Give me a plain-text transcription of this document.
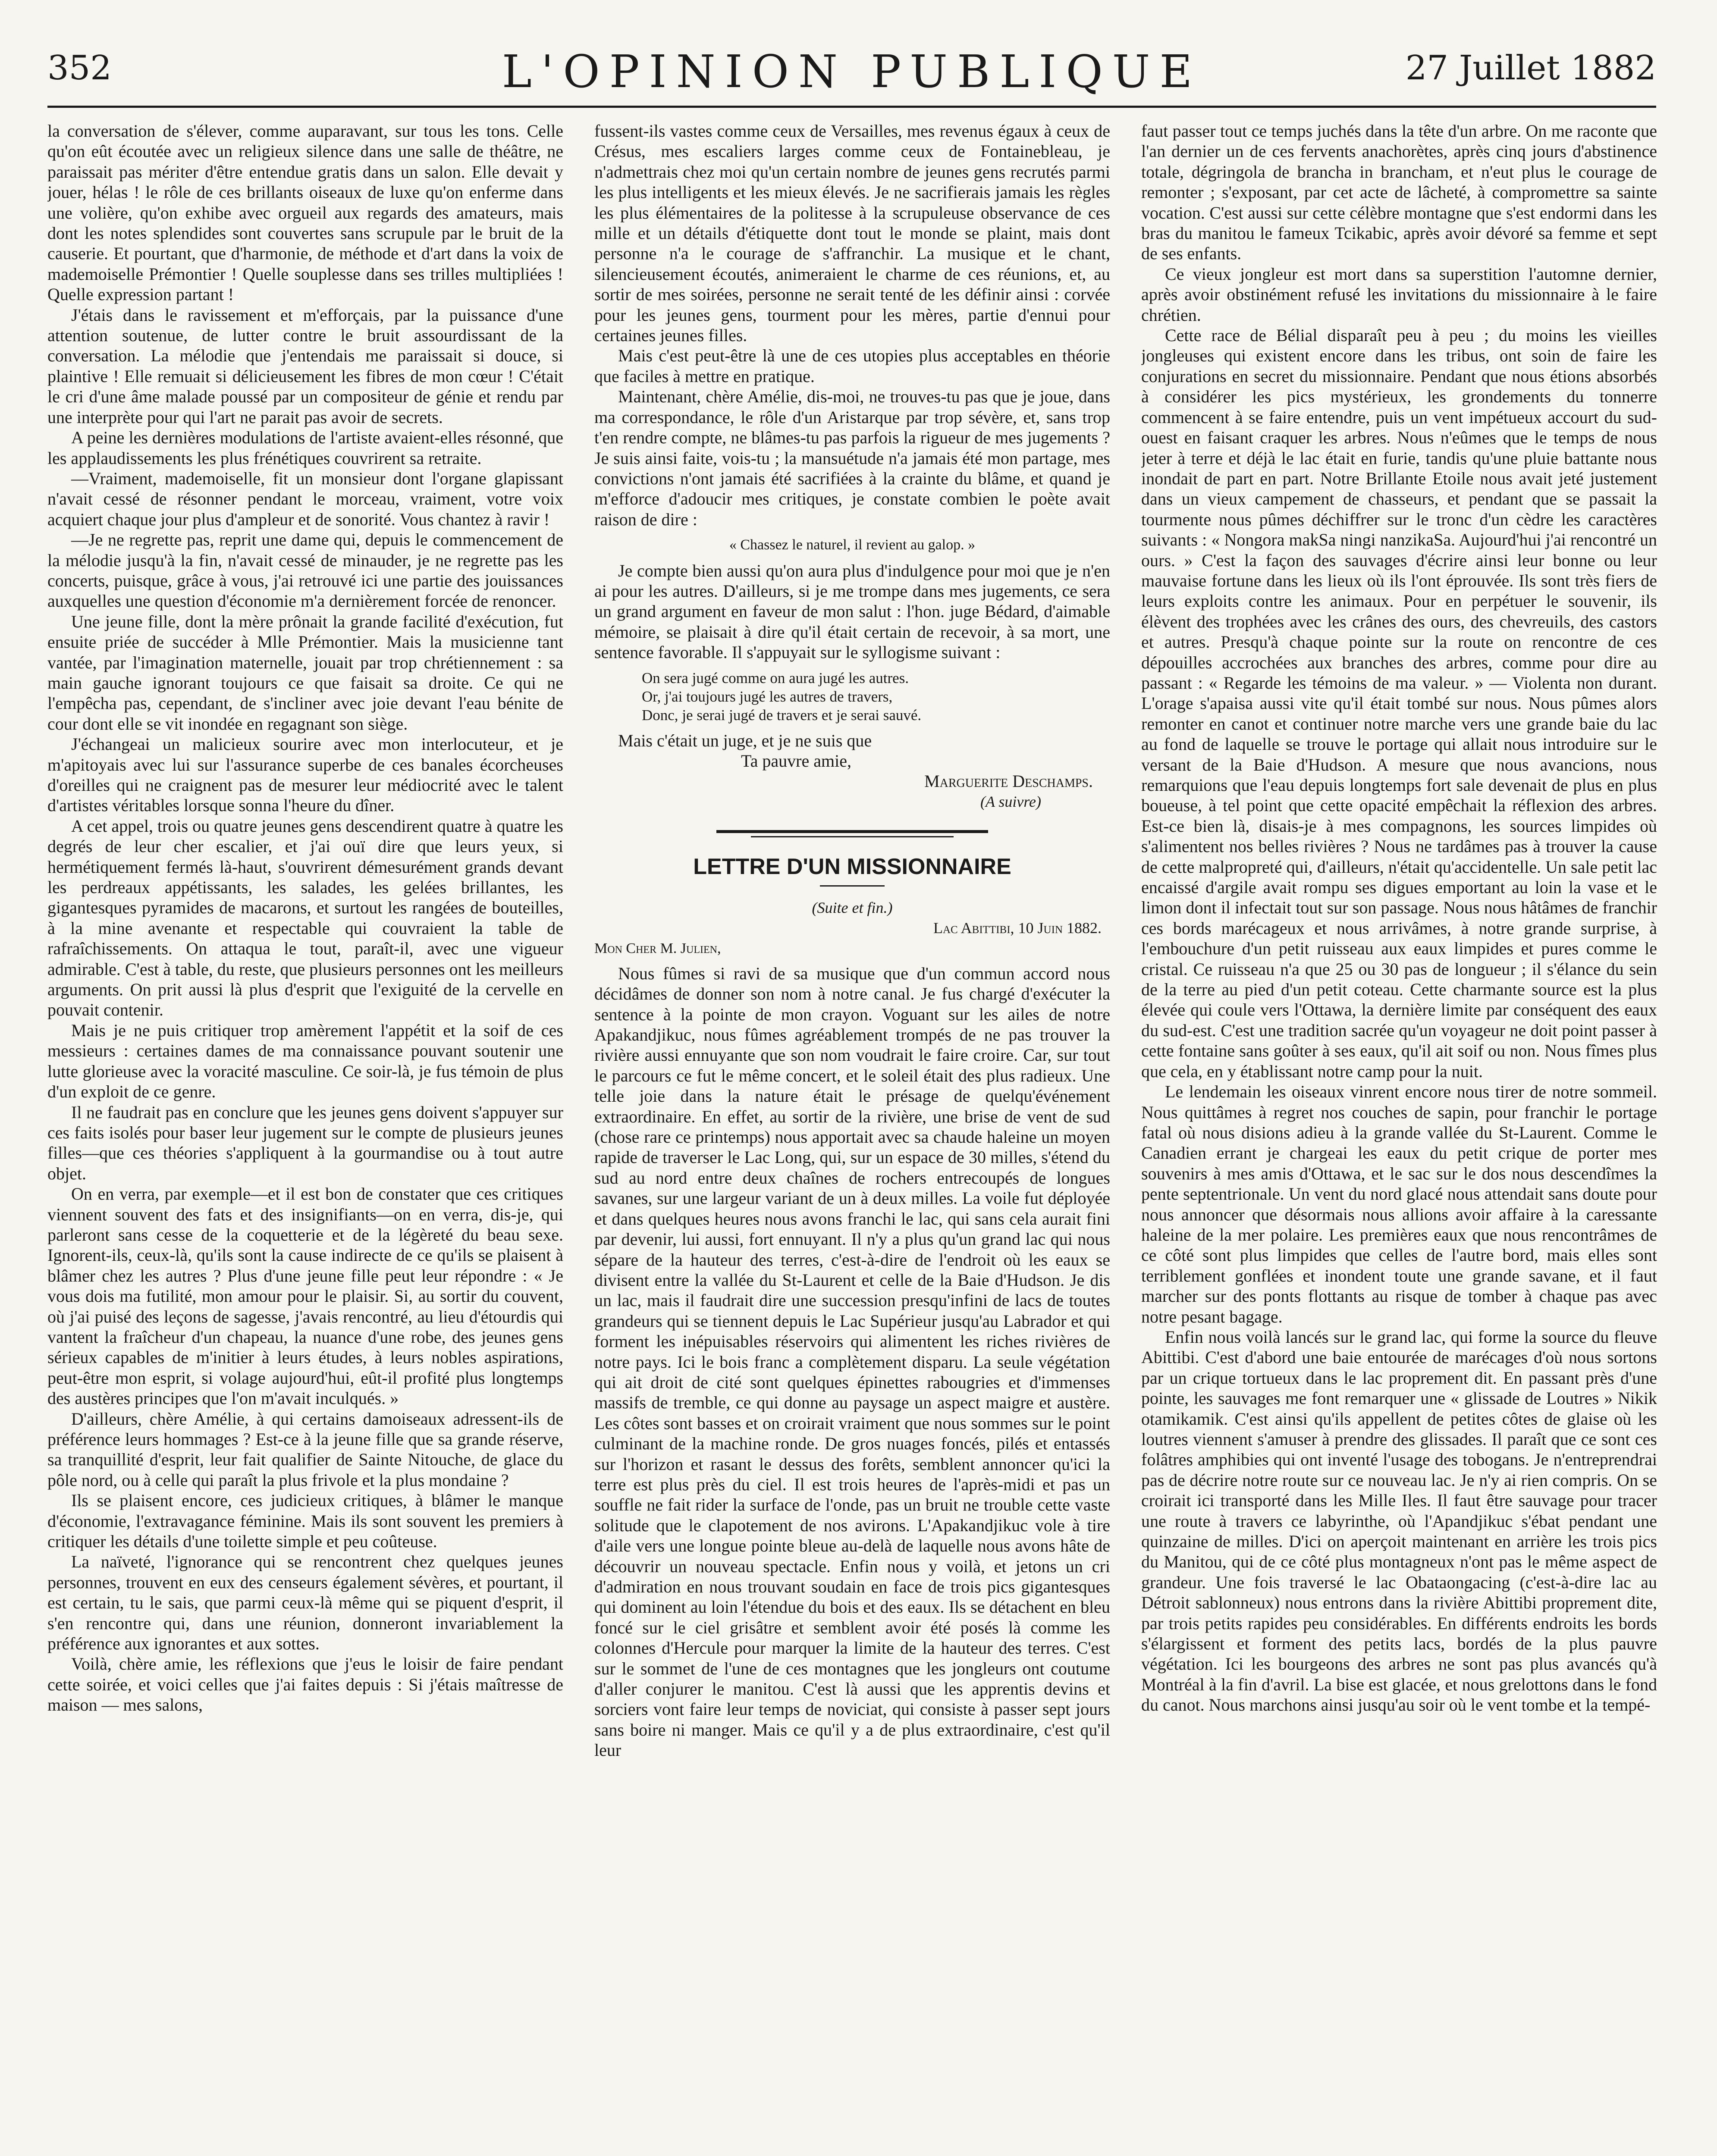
352	L'OPINION PUBLIQUE	27 Juillet 1882

la conversation de s'élever, comme auparavant, sur tous les tons. Celle qu'on eût écoutée avec un religieux silence dans une salle de théâtre, ne paraissait pas mériter d'être entendue gratis dans un salon. Elle devait y jouer, hélas ! le rôle de ces brillants oiseaux de luxe qu'on enferme dans une volière, qu'on exhibe avec orgueil aux regards des amateurs, mais dont les notes splendides sont couvertes sans scrupule par le bruit de la causerie. Et pourtant, que d'harmonie, de méthode et d'art dans la voix de mademoiselle Prémontier ! Quelle souplesse dans ses trilles multipliées ! Quelle expression partant !

J'étais dans le ravissement et m'efforçais, par la puissance d'une attention soutenue, de lutter contre le bruit assourdissant de la conversation. La mélodie que j'entendais me paraissait si douce, si plaintive ! Elle remuait si délicieusement les fibres de mon cœur ! C'était le cri d'une âme malade poussé par un compositeur de génie et rendu par une interprète pour qui l'art ne parait pas avoir de secrets.

A peine les dernières modulations de l'artiste avaient-elles résonné, que les applaudissements les plus frénétiques couvrirent sa retraite.

—Vraiment, mademoiselle, fit un monsieur dont l'organe glapissant n'avait cessé de résonner pendant le morceau, vraiment, votre voix acquiert chaque jour plus d'ampleur et de sonorité. Vous chantez à ravir !

—Je ne regrette pas, reprit une dame qui, depuis le commencement de la mélodie jusqu'à la fin, n'avait cessé de minauder, je ne regrette pas les concerts, puisque, grâce à vous, j'ai retrouvé ici une partie des jouissances auxquelles une question d'économie m'a dernièrement forcée de renoncer.

Une jeune fille, dont la mère prônait la grande facilité d'exécution, fut ensuite priée de succéder à Mlle Prémontier. Mais la musicienne tant vantée, par l'imagination maternelle, jouait par trop chrétiennement : sa main gauche ignorant toujours ce que faisait sa droite. Ce qui ne l'empêcha pas, cependant, de s'incliner avec joie devant l'eau bénite de cour dont elle se vit inondée en regagnant son siège.

J'échangeai un malicieux sourire avec mon interlocuteur, et je m'apitoyais avec lui sur l'assurance superbe de ces banales écorcheuses d'oreilles qui ne craignent pas de mesurer leur médiocrité avec le talent d'artistes véritables lorsque sonna l'heure du dîner.

A cet appel, trois ou quatre jeunes gens descendirent quatre à quatre les degrés de leur cher escalier, et j'ai ouï dire que leurs yeux, si hermétiquement fermés là-haut, s'ouvrirent démesurément grands devant les perdreaux appétissants, les salades, les gelées brillantes, les gigantesques pyramides de macarons, et surtout les rangées de bouteilles, à la mine avenante et respectable qui couvraient la table de rafraîchissements. On attaqua le tout, paraît-il, avec une vigueur admirable. C'est à table, du reste, que plusieurs personnes ont les meilleurs arguments. On prit aussi là plus d'esprit que l'exiguité de la cervelle en pouvait contenir.

Mais je ne puis critiquer trop amèrement l'appétit et la soif de ces messieurs : certaines dames de ma connaissance pouvant soutenir une lutte glorieuse avec la voracité masculine. Ce soir-là, je fus témoin de plus d'un exploit de ce genre.

Il ne faudrait pas en conclure que les jeunes gens doivent s'appuyer sur ces faits isolés pour baser leur jugement sur le compte de plusieurs jeunes filles—que ces théories s'appliquent à la gourmandise ou à tout autre objet.

On en verra, par exemple—et il est bon de constater que ces critiques viennent souvent des fats et des insignifiants—on en verra, dis-je, qui parleront sans cesse de la coquetterie et de la légèreté du beau sexe. Ignorent-ils, ceux-là, qu'ils sont la cause indirecte de ce qu'ils se plaisent à blâmer chez les autres ? Plus d'une jeune fille peut leur répondre : « Je vous dois ma futilité, mon amour pour le plaisir. Si, au sortir du couvent, où j'ai puisé des leçons de sagesse, j'avais rencontré, au lieu d'étourdis qui vantent la fraîcheur d'un chapeau, la nuance d'une robe, des jeunes gens sérieux capables de m'initier à leurs études, à leurs nobles aspirations, peut-être mon esprit, si volage aujourd'hui, eût-il profité plus longtemps des austères principes que l'on m'avait inculqués. »

D'ailleurs, chère Amélie, à qui certains damoiseaux adressent-ils de préférence leurs hommages ? Est-ce à la jeune fille que sa grande réserve, sa tranquillité d'esprit, leur fait qualifier de Sainte Nitouche, de glace du pôle nord, ou à celle qui paraît la plus frivole et la plus mondaine ?

Ils se plaisent encore, ces judicieux critiques, à blâmer le manque d'économie, l'extravagance féminine. Mais ils sont souvent les premiers à critiquer les détails d'une toilette simple et peu coûteuse.

La naïveté, l'ignorance qui se rencontrent chez quelques jeunes personnes, trouvent en eux des censeurs également sévères, et pourtant, il est certain, tu le sais, que parmi ceux-là même qui se piquent d'esprit, il s'en rencontre qui, dans une réunion, donneront invariablement la préférence aux ignorantes et aux sottes.

Voilà, chère amie, les réflexions que j'eus le loisir de faire pendant cette soirée, et voici celles que j'ai faites depuis : Si j'étais maîtresse de maison — mes salons,

fussent-ils vastes comme ceux de Versailles, mes revenus égaux à ceux de Crésus, mes escaliers larges comme ceux de Fontainebleau, je n'admettrais chez moi qu'un certain nombre de jeunes gens recrutés parmi les plus intelligents et les mieux élevés. Je ne sacrifierais jamais les règles les plus élémentaires de la politesse à la scrupuleuse observance de ces mille et un détails d'étiquette dont tout le monde se plaint, mais dont personne n'a le courage de s'affranchir. La musique et le chant, silencieusement écoutés, animeraient le charme de ces réunions, et, au sortir de mes soirées, personne ne serait tenté de les définir ainsi : corvée pour les jeunes gens, tourment pour les mères, partie d'ennui pour certaines jeunes filles.

Mais c'est peut-être là une de ces utopies plus acceptables en théorie que faciles à mettre en pratique.

Maintenant, chère Amélie, dis-moi, ne trouves-tu pas que je joue, dans ma correspondance, le rôle d'un Aristarque par trop sévère, et, sans trop t'en rendre compte, ne blâmes-tu pas parfois la rigueur de mes jugements ? Je suis ainsi faite, vois-tu ; la mansuétude n'a jamais été mon partage, mes convictions n'ont jamais été sacrifiées à la crainte du blâme, et quand je m'efforce d'adoucir mes critiques, je constate combien le poète avait raison de dire :

« Chassez le naturel, il revient au galop. »

Je compte bien aussi qu'on aura plus d'indulgence pour moi que je n'en ai pour les autres. D'ailleurs, si je me trompe dans mes jugements, ce sera un grand argument en faveur de mon salut : l'hon. juge Bédard, d'aimable mémoire, se plaisait à dire qu'il était certain de recevoir, à sa mort, une sentence favorable. Il s'appuyait sur le syllogisme suivant :

On sera jugé comme on aura jugé les autres.
Or, j'ai toujours jugé les autres de travers,
Donc, je serai jugé de travers et je serai sauvé.

Mais c'était un juge, et je ne suis que

Ta pauvre amie,

Marguerite Deschamps.

(A suivre)

LETTRE D'UN MISSIONNAIRE

(Suite et fin.)

Lac Abittibi, 10 Juin 1882.

Mon Cher M. Julien,

Nous fûmes si ravi de sa musique que d'un commun accord nous décidâmes de donner son nom à notre canal. Je fus chargé d'exécuter la sentence à la pointe de mon crayon. Voguant sur les ailes de notre Apakandjikuc, nous fûmes agréablement trompés de ne pas trouver la rivière aussi ennuyante que son nom voudrait le faire croire. Car, sur tout le parcours ce fut le même concert, et le soleil était des plus radieux. Une telle joie dans la nature était le présage de quelqu'événement extraordinaire. En effet, au sortir de la rivière, une brise de vent de sud (chose rare ce printemps) nous apportait avec sa chaude haleine un moyen rapide de traverser le Lac Long, qui, sur un espace de 30 milles, s'étend du sud au nord entre deux chaînes de rochers entrecoupés de longues savanes, sur une largeur variant de un à deux milles. La voile fut déployée et dans quelques heures nous avons franchi le lac, qui sans cela aurait fini par devenir, lui aussi, fort ennuyant. Il n'y a plus qu'un grand lac qui nous sépare de la hauteur des terres, c'est-à-dire de l'endroit où les eaux se divisent entre la vallée du St-Laurent et celle de la Baie d'Hudson. Je dis un lac, mais il faudrait dire une succession presqu'infini de lacs de toutes grandeurs qui se tiennent depuis le Lac Supérieur jusqu'au Labrador et qui forment les inépuisables réservoirs qui alimentent les riches rivières de notre pays. Ici le bois franc a complètement disparu. La seule végétation qui ait droit de cité sont quelques épinettes rabougries et d'immenses massifs de tremble, ce qui donne au paysage un aspect maigre et austère. Les côtes sont basses et on croirait vraiment que nous sommes sur le point culminant de la machine ronde. De gros nuages foncés, pilés et entassés sur l'horizon et rasant le dessus des forêts, semblent annoncer qu'ici la terre est plus près du ciel. Il est trois heures de l'après-midi et pas un souffle ne fait rider la surface de l'onde, pas un bruit ne trouble cette vaste solitude que le clapotement de nos avirons. L'Apakandjikuc vole à tire d'aile vers une longue pointe bleue au-delà de laquelle nous avons hâte de découvrir un nouveau spectacle. Enfin nous y voilà, et jetons un cri d'admiration en nous trouvant soudain en face de trois pics gigantesques qui dominent au loin l'étendue du bois et des eaux. Ils se détachent en bleu foncé sur le ciel grisâtre et semblent avoir été posés là comme les colonnes d'Hercule pour marquer la limite de la hauteur des terres. C'est sur le sommet de l'une de ces montagnes que les jongleurs ont coutume d'aller conjurer le manitou. C'est là aussi que les apprentis devins et sorciers vont faire leur temps de noviciat, qui consiste à passer sept jours sans boire ni manger. Mais ce qu'il y a de plus extraordinaire, c'est qu'il leur

faut passer tout ce temps juchés dans la tête d'un arbre. On me raconte que l'an dernier un de ces fervents anachorètes, après cinq jours d'abstinence totale, dégringola de brancha in brancham, et n'eut plus le courage de remonter ; s'exposant, par cet acte de lâcheté, à compromettre sa sainte vocation. C'est aussi sur cette célèbre montagne que s'est endormi dans les bras du manitou le fameux Tcikabic, après avoir dévoré sa femme et sept de ses enfants.

Ce vieux jongleur est mort dans sa superstition l'automne dernier, après avoir obstinément refusé les invitations du missionnaire à le faire chrétien.

Cette race de Bélial disparaît peu à peu ; du moins les vieilles jongleuses qui existent encore dans les tribus, ont soin de faire les conjurations en secret du missionnaire. Pendant que nous étions absorbés à considérer les pics mystérieux, les grondements du tonnerre commencent à se faire entendre, puis un vent impétueux accourt du sud-ouest en faisant craquer les arbres. Nous n'eûmes que le temps de nous jeter à terre et déjà le lac était en furie, tandis qu'une pluie battante nous inondait de part en part. Notre Brillante Etoile nous avait jeté justement dans un vieux campement de chasseurs, et pendant que se passait la tourmente nous pûmes déchiffrer sur le tronc d'un cèdre les caractères suivants : « Nongora makSa ningi nanzikaSa. Aujourd'hui j'ai rencontré un ours. » C'est la façon des sauvages d'écrire ainsi leur bonne ou leur mauvaise fortune dans les lieux où ils l'ont éprouvée. Ils sont très fiers de leurs exploits contre les animaux. Pour en perpétuer le souvenir, ils élèvent des trophées avec les crânes des ours, des chevreuils, des castors et autres. Presqu'à chaque pointe sur la route on rencontre de ces dépouilles accrochées aux branches des arbres, comme pour dire au passant : « Regarde les témoins de ma valeur. » — Violenta non durant. L'orage s'apaisa aussi vite qu'il était tombé sur nous. Nous pûmes alors remonter en canot et continuer notre marche vers une grande baie du lac au fond de laquelle se trouve le portage qui allait nous introduire sur le versant de la Baie d'Hudson. A mesure que nous avancions, nous remarquions que l'eau depuis longtemps fort sale devenait de plus en plus boueuse, à tel point que cette opacité empêchait la réflexion des arbres. Est-ce bien là, disais-je à mes compagnons, les sources limpides où s'alimentent nos belles rivières ? Nous ne tardâmes pas à trouver la cause de cette malpropreté qui, d'ailleurs, n'était qu'accidentelle. Un sale petit lac encaissé d'argile avait rompu ses digues emportant au loin la vase et le limon dont il infectait tout sur son passage. Nous nous hâtâmes de franchir ces bords marécageux et nous arrivâmes, à notre grande surprise, à l'embouchure d'un petit ruisseau aux eaux limpides et pures comme le cristal. Ce ruisseau n'a que 25 ou 30 pas de longueur ; il s'élance du sein de la terre au pied d'un petit coteau. Cette charmante source est la plus élevée qui coule vers l'Ottawa, la dernière limite par conséquent des eaux du sud-est. C'est une tradition sacrée qu'un voyageur ne doit point passer à cette fontaine sans goûter à ses eaux, qu'il ait soif ou non. Nous fîmes plus que cela, en y établissant notre camp pour la nuit.

Le lendemain les oiseaux vinrent encore nous tirer de notre sommeil. Nous quittâmes à regret nos couches de sapin, pour franchir le portage fatal où nous disions adieu à la grande vallée du St-Laurent. Comme le Canadien errant je chargeai les eaux du petit crique de porter mes souvenirs à mes amis d'Ottawa, et le sac sur le dos nous descendîmes la pente septentrionale. Un vent du nord glacé nous attendait sans doute pour nous annoncer que désormais nous allions avoir affaire à la caressante haleine de la mer polaire. Les premières eaux que nous rencontrâmes de ce côté sont plus limpides que celles de l'autre bord, mais elles sont terriblement gonflées et inondent toute une grande savane, et il faut marcher sur des ponts flottants au risque de tomber à chaque pas avec notre pesant bagage.

Enfin nous voilà lancés sur le grand lac, qui forme la source du fleuve Abittibi. C'est d'abord une baie entourée de marécages d'où nous sortons par un crique tortueux dans le lac proprement dit. En passant près d'une pointe, les sauvages me font remarquer une « glissade de Loutres » Nikik otamikamik. C'est ainsi qu'ils appellent de petites côtes de glaise où les loutres viennent s'amuser à prendre des glissades. Il paraît que ce sont ces folâtres amphibies qui ont inventé l'usage des tobogans. Je n'entreprendrai pas de décrire notre route sur ce nouveau lac. Je n'y ai rien compris. On se croirait ici transporté dans les Mille Iles. Il faut être sauvage pour tracer une route à travers ce labyrinthe, où l'Apandjikuc s'ébat pendant une quinzaine de milles. D'ici on aperçoit maintenant en arrière les trois pics du Manitou, qui de ce côté plus montagneux n'ont pas le même aspect de grandeur. Une fois traversé le lac Obataongacing (c'est-à-dire lac au Détroit sablonneux) nous entrons dans la rivière Abittibi proprement dite, par trois petits rapides peu considérables. En différents endroits les bords s'élargissent et forment des petits lacs, bordés de la plus pauvre végétation. Ici les bourgeons des arbres ne sont pas plus avancés qu'à Montréal à la fin d'avril. La bise est glacée, et nous grelottons dans le fond du canot. Nous marchons ainsi jusqu'au soir où le vent tombe et la tempé-
